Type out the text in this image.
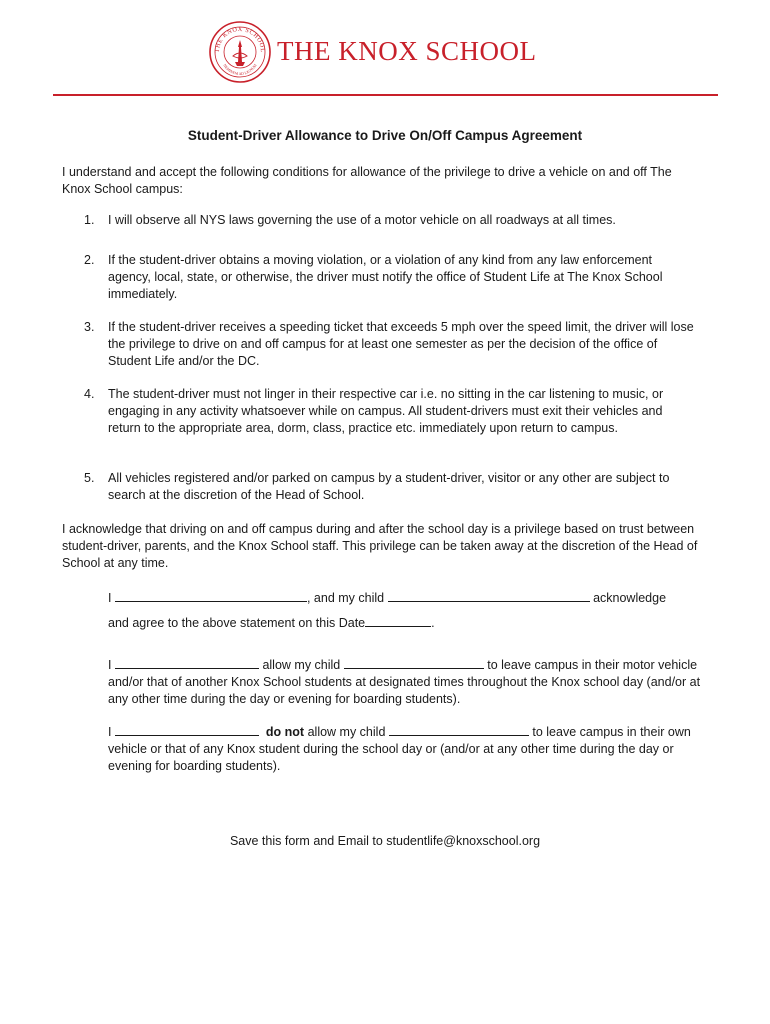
THE KNOX SCHOOL
NEMINEM AD LIGNUM THE KNOX SCHOOL
Student-Driver Allowance to Drive On/Off Campus Agreement
I understand and accept the following conditions for allowance of the privilege to drive a vehicle on and off The Knox School campus:
1. I will observe all NYS laws governing the use of a motor vehicle on all roadways at all times.
2. If the student-driver obtains a moving violation, or a violation of any kind from any law enforcement agency, local, state, or otherwise, the driver must notify the office of Student Life at The Knox School immediately.
3. If the student-driver receives a speeding ticket that exceeds 5 mph over the speed limit, the driver will lose the privilege to drive on and off campus for at least one semester as per the decision of the office of Student Life and/or the DC.
4. The student-driver must not linger in their respective car i.e. no sitting in the car listening to music, or engaging in any activity whatsoever while on campus. All student-drivers must exit their vehicles and return to the appropriate area, dorm, class, practice etc. immediately upon return to campus.
5. All vehicles registered and/or parked on campus by a student-driver, visitor or any other are subject to search at the discretion of the Head of School.
I acknowledge that driving on and off campus during and after the school day is a privilege based on trust between student-driver, parents, and the Knox School staff. This privilege can be taken away at the discretion of the Head of School at any time.
I	, and my child	acknowledge
and agree to the above statement on this Date	.
I	allow my child	to leave campus in their motor vehicle and/or that of another Knox School students at designated times throughout the Knox school day (and/or at any other time during the day or evening for boarding students).
I	do not allow my child	to leave campus in their own vehicle or that of any Knox student during the school day or (and/or at any other time during the day or evening for boarding students).
Save this form and Email to studentlife@knoxschool.org
